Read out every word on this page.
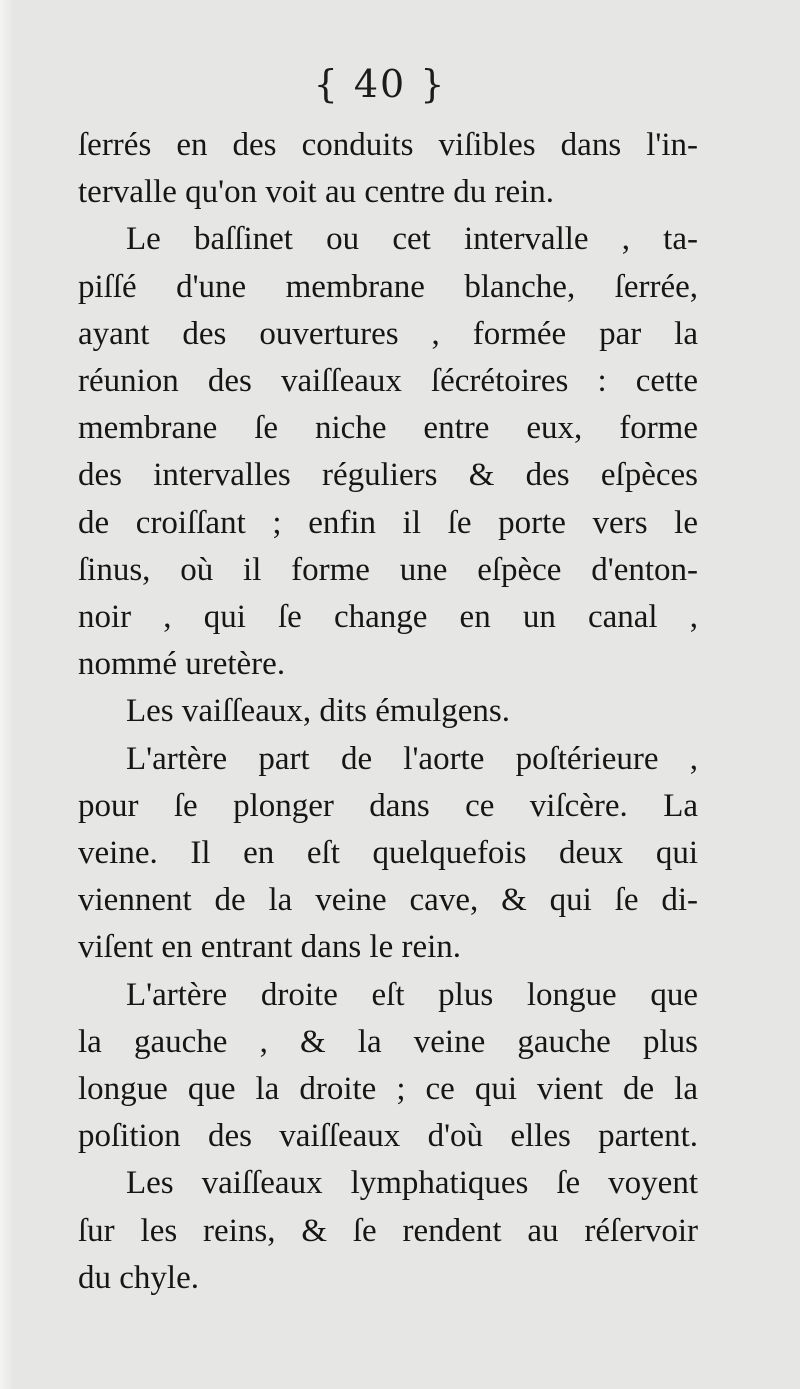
{ 40 }
ſerrés en des conduits viſibles dans l'in-
tervalle qu'on voit au centre du rein.
Le baſſinet ou cet intervalle , ta-
piſſé d'une membrane blanche, ſerrée,
ayant des ouvertures , formée par la
réunion des vaiſſeaux ſécrétoires : cette
membrane ſe niche entre eux, forme
des intervalles réguliers & des eſpèces
de croiſſant ; enfin il ſe porte vers le
ſinus, où il forme une eſpèce d'enton-
noir , qui ſe change en un canal ,
nommé uretère.
Les vaiſſeaux, dits émulgens.
L'artère part de l'aorte poſtérieure ,
pour ſe plonger dans ce viſcère. La
veine. Il en eſt quelquefois deux qui
viennent de la veine cave, & qui ſe di-
viſent en entrant dans le rein.
L'artère droite eſt plus longue que
la gauche , & la veine gauche plus
longue que la droite ; ce qui vient de la
poſition des vaiſſeaux d'où elles partent.
Les vaiſſeaux lymphatiques ſe voyent
ſur les reins, & ſe rendent au réſervoir
du chyle.
